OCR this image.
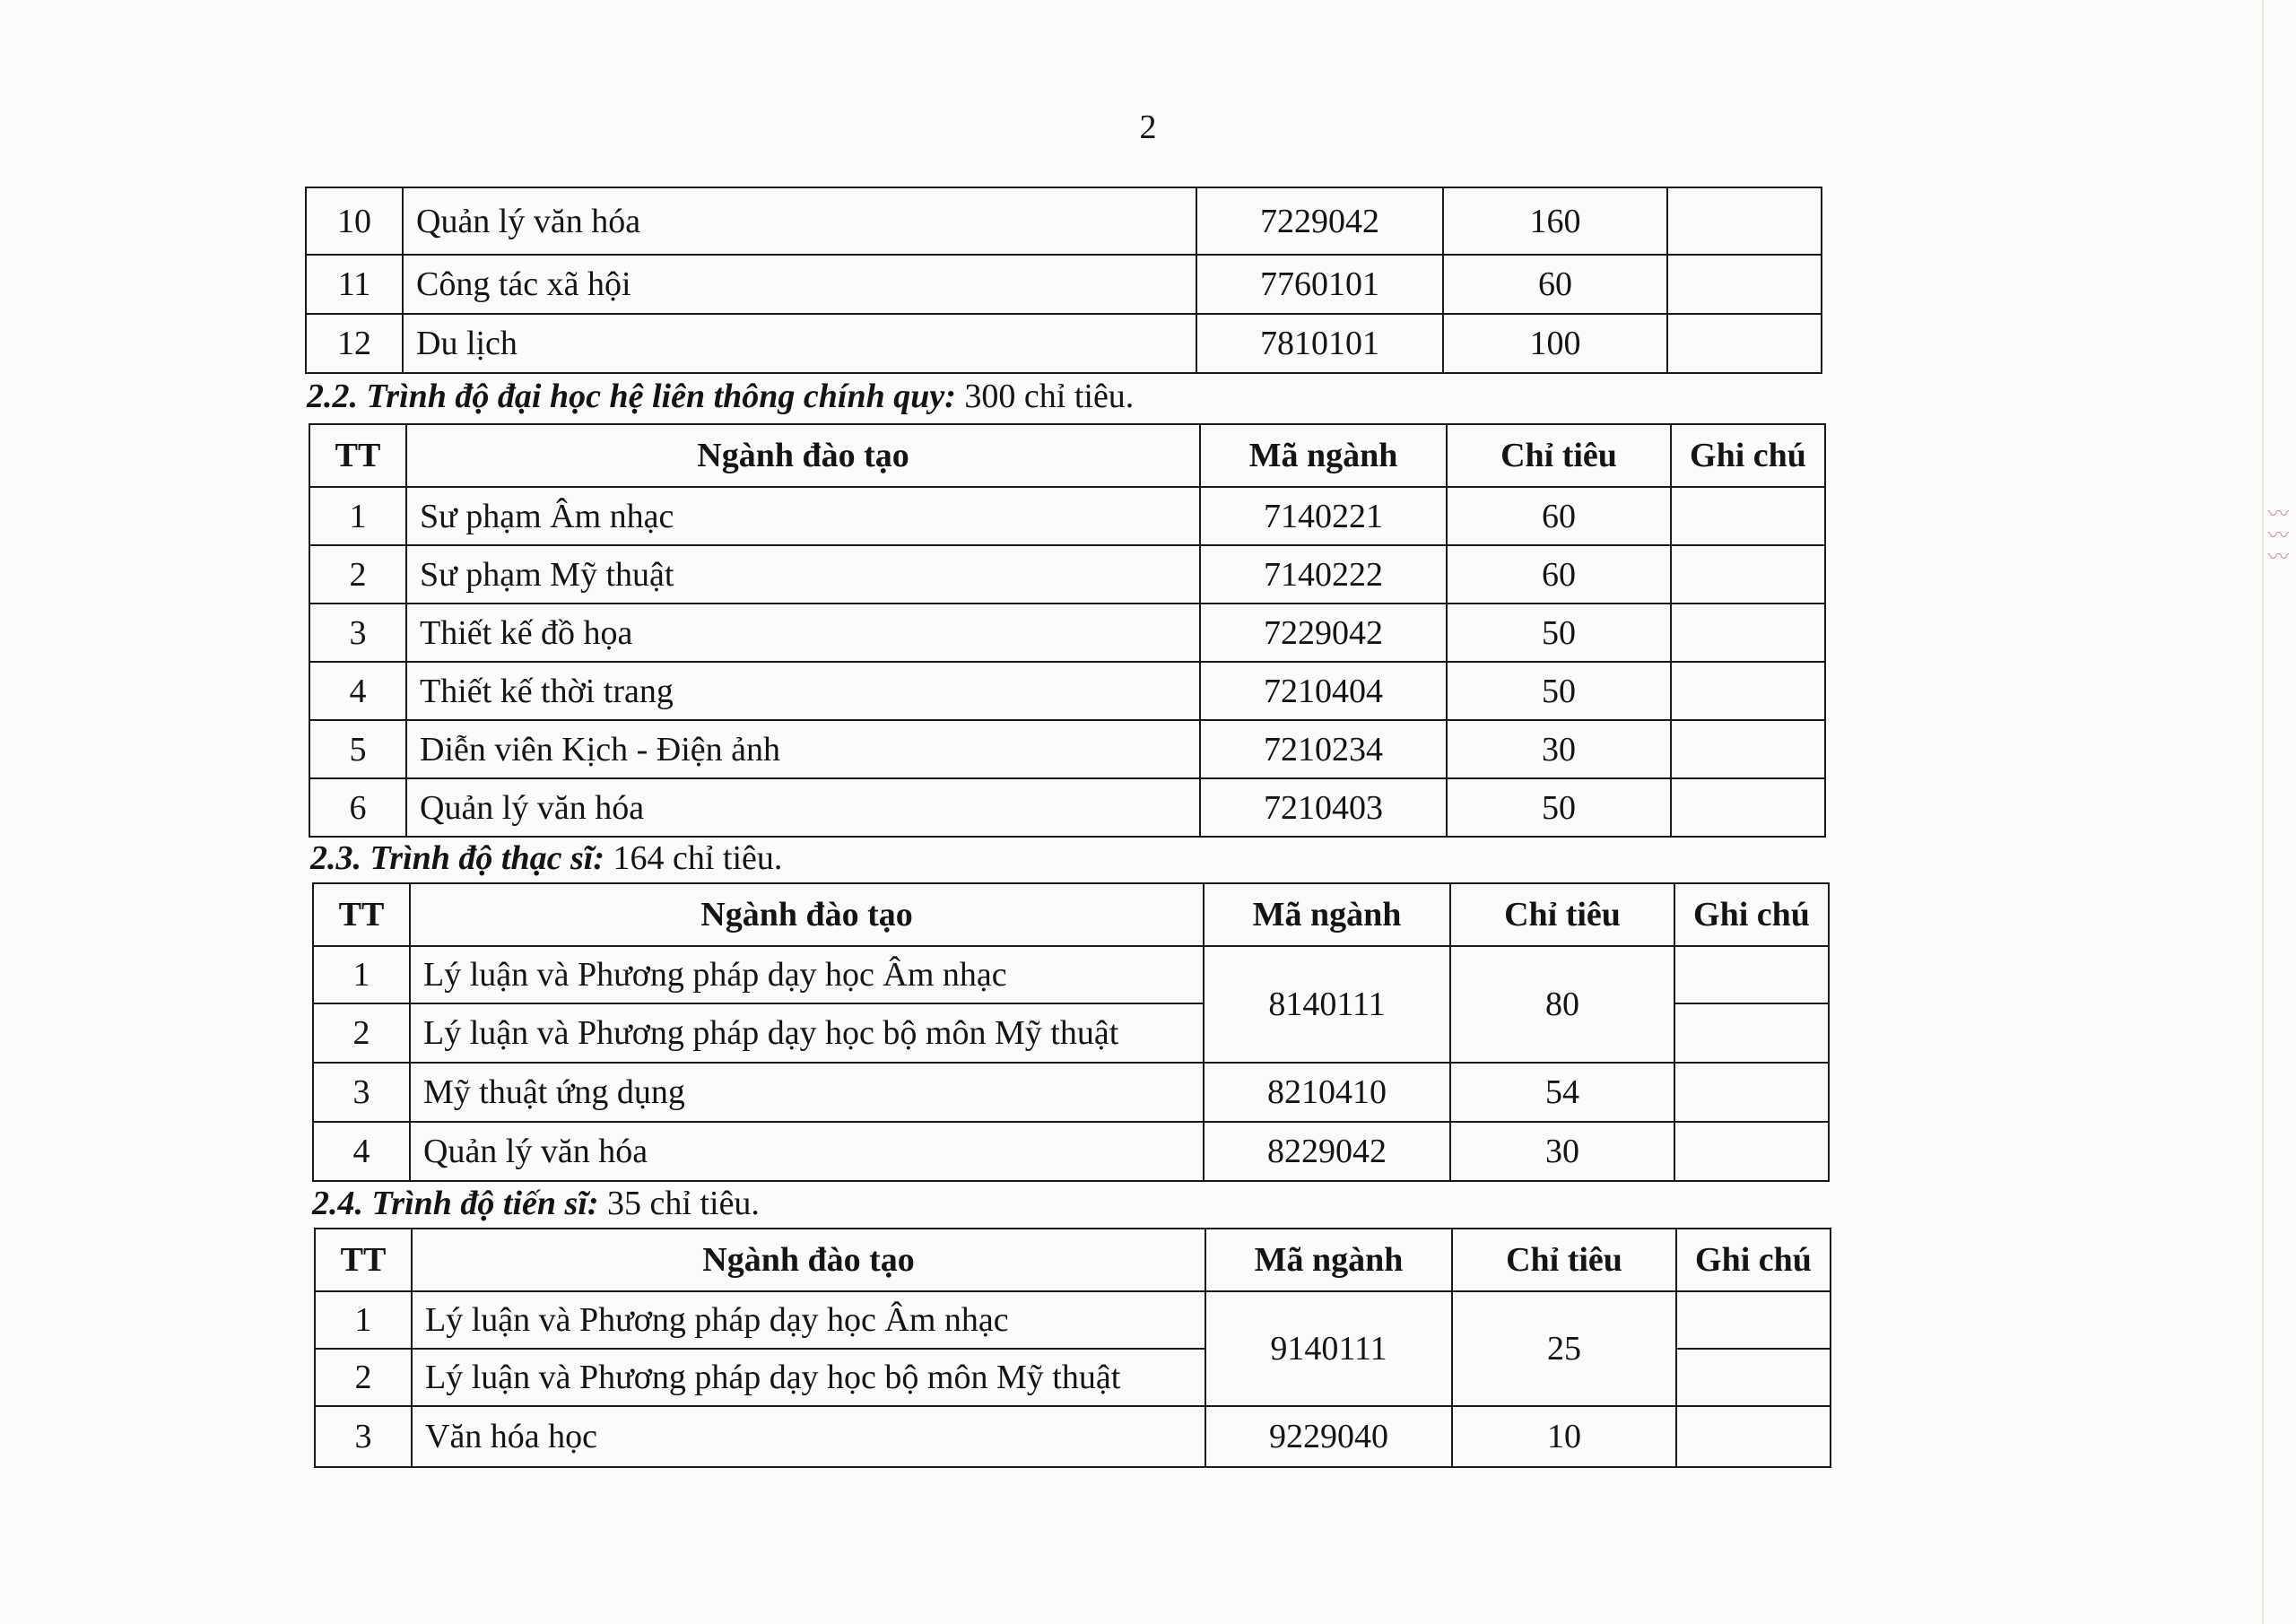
〰〰〰
2
10	Quản lý văn hóa	7229042	160	
11	Công tác xã hội	7760101	60	
12	Du lịch	7810101	100	
2.2. Trình độ đại học hệ liên thông chính quy: 300 chỉ tiêu.
TT	Ngành đào tạo	Mã ngành	Chỉ tiêu	Ghi chú
1	Sư phạm Âm nhạc	7140221	60	
2	Sư phạm Mỹ thuật	7140222	60	
3	Thiết kế đồ họa	7229042	50	
4	Thiết kế thời trang	7210404	50	
5	Diễn viên Kịch - Điện ảnh	7210234	30	
6	Quản lý văn hóa	7210403	50	
2.3. Trình độ thạc sĩ: 164 chỉ tiêu.
TT	Ngành đào tạo	Mã ngành	Chỉ tiêu	Ghi chú
1	Lý luận và Phương pháp dạy học Âm nhạc	8140111	80	
2	Lý luận và Phương pháp dạy học bộ môn Mỹ thuật			
3	Mỹ thuật ứng dụng	8210410	54	
4	Quản lý văn hóa	8229042	30	
2.4. Trình độ tiến sĩ: 35 chỉ tiêu.
TT	Ngành đào tạo	Mã ngành	Chỉ tiêu	Ghi chú
1	Lý luận và Phương pháp dạy học Âm nhạc	9140111	25	
2	Lý luận và Phương pháp dạy học bộ môn Mỹ thuật			
3	Văn hóa học	9229040	10	
